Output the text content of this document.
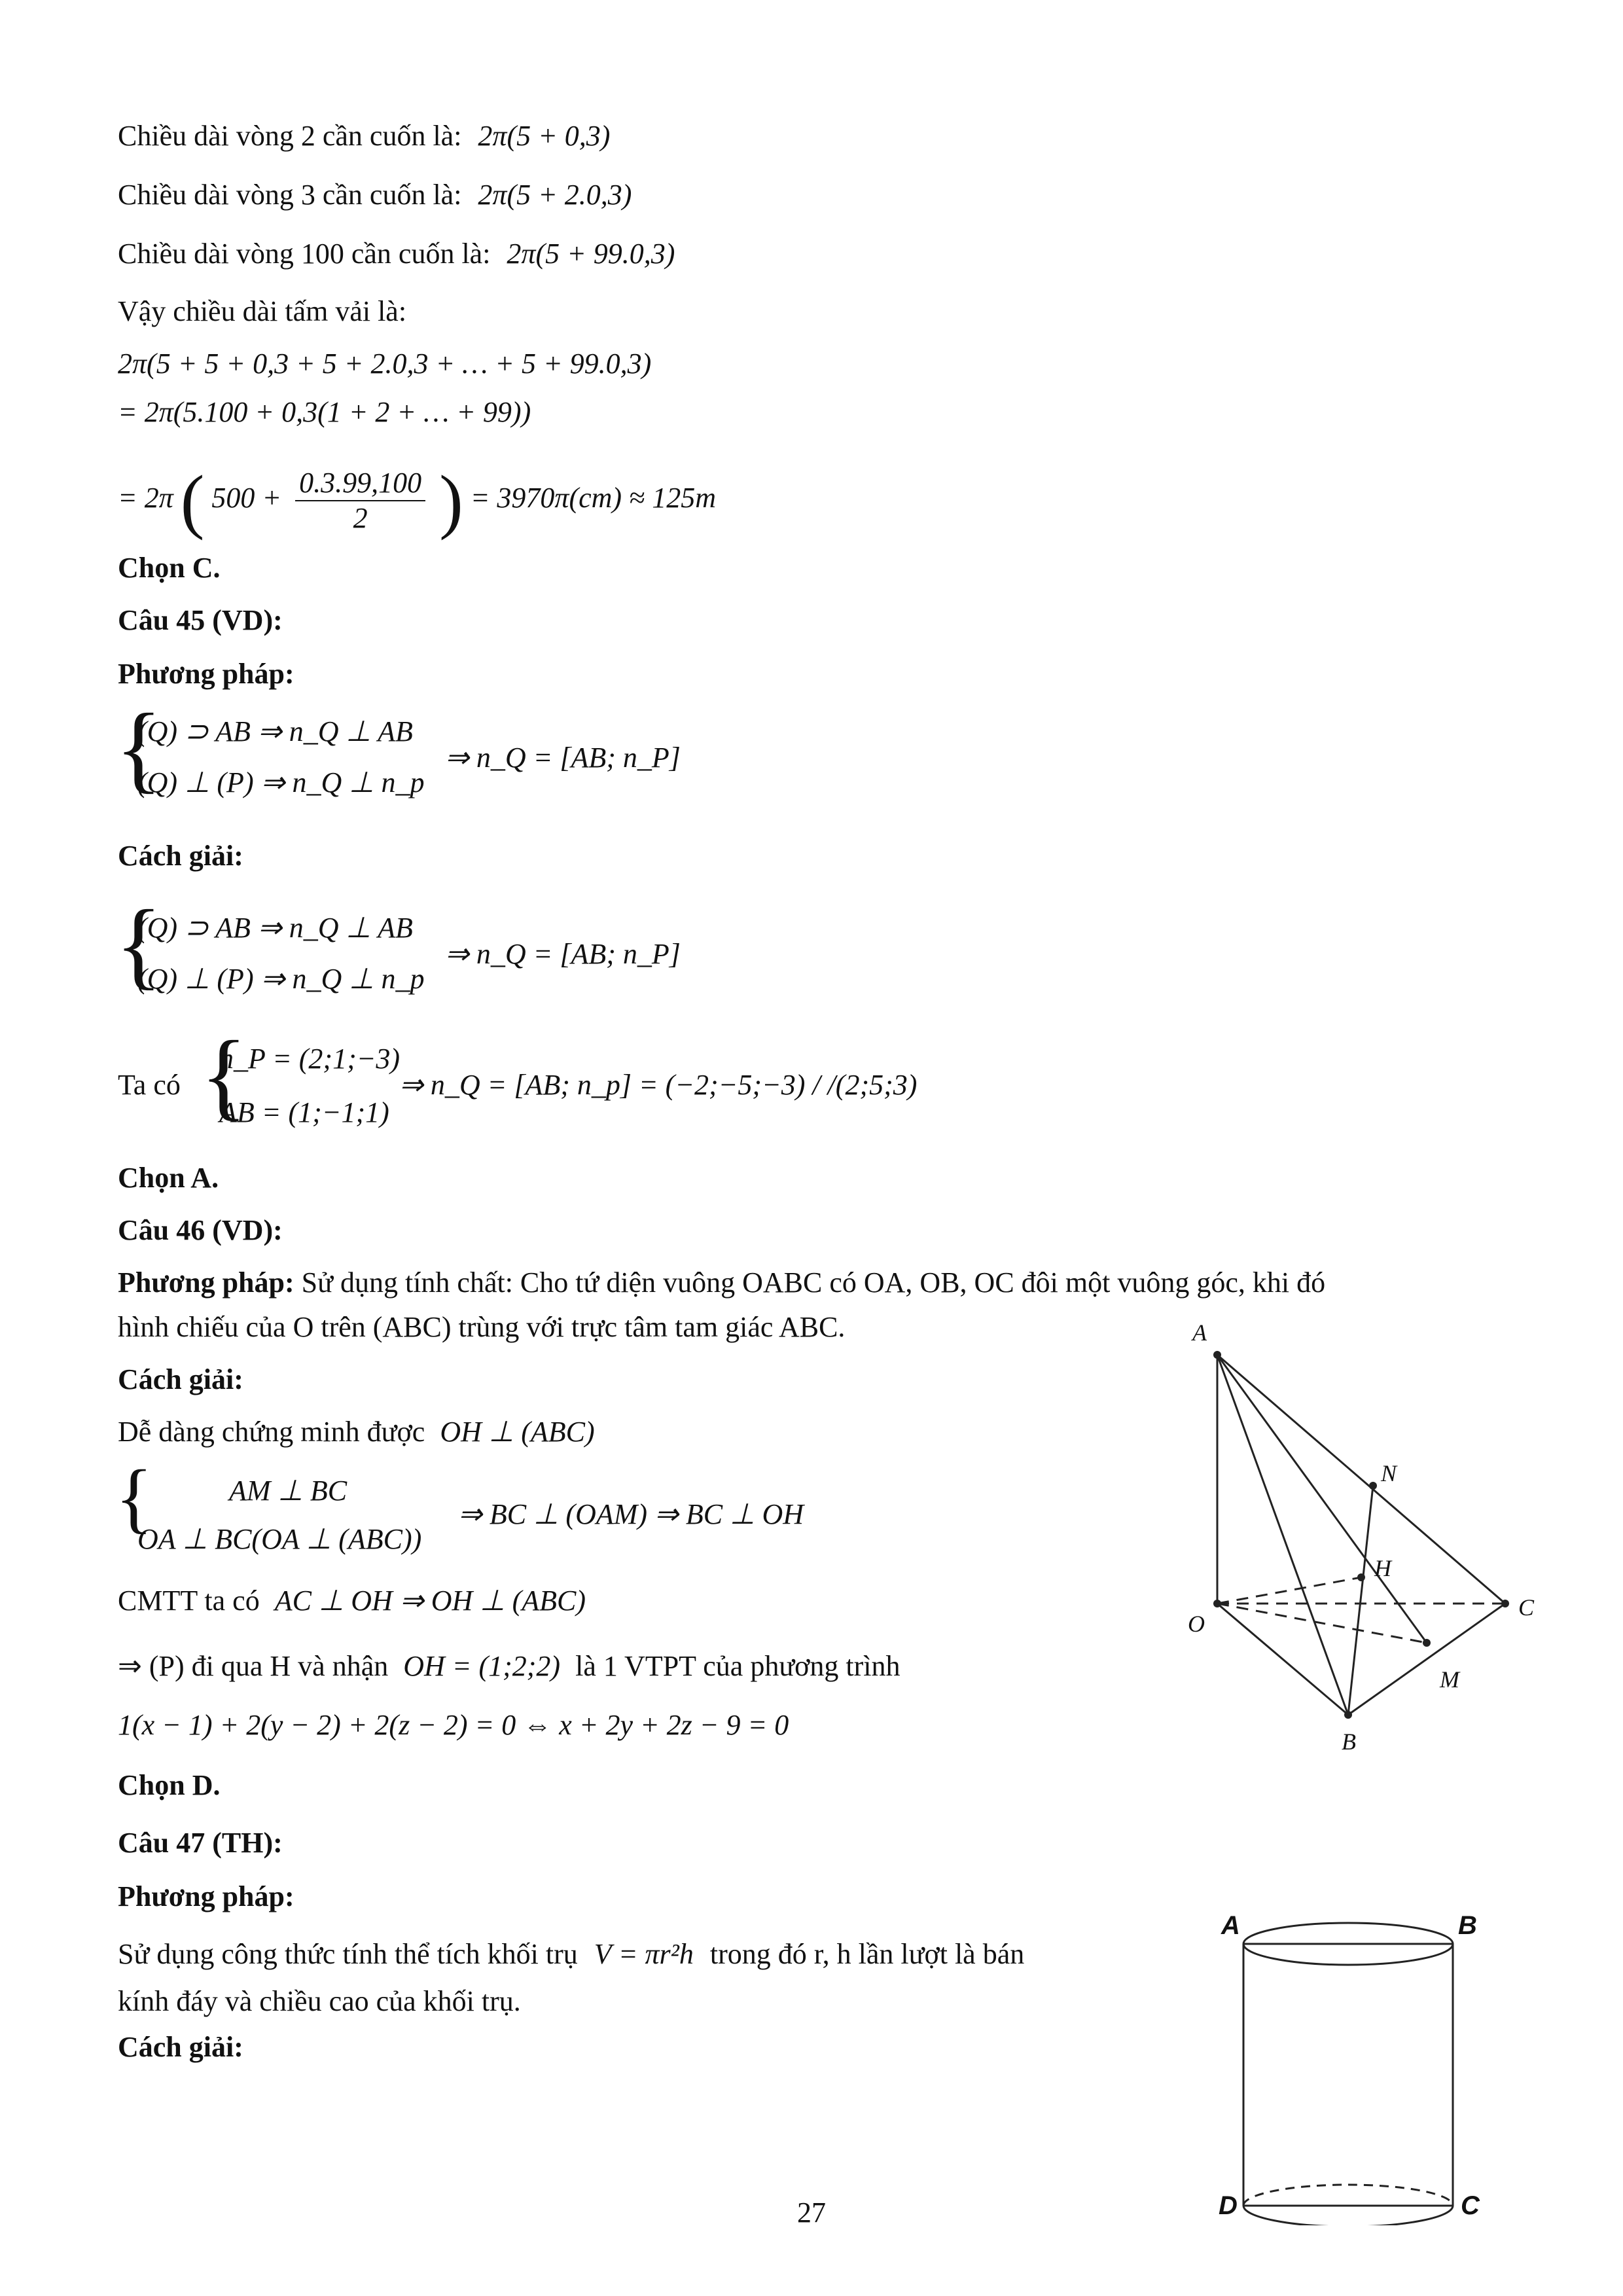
Chiều dài vòng 2 cần cuốn là: 2π(5 + 0,3)
Chiều dài vòng 3 cần cuốn là: 2π(5 + 2.0,3)
Chiều dài vòng 100 cần cuốn là: 2π(5 + 99.0,3)
Vậy chiều dài tấm vải là:
2π(5 + 5 + 0,3 + 5 + 2.0,3 + … + 5 + 99.0,3)
= 2π(5.100 + 0,3(1 + 2 + … + 99))
= 2π ( $500 + \frac{0.3.99,100}{2}$ ) = 3970π(cm) ≈ 125m
Chọn C.
Câu 45 (VD):
Phương pháp:
{
(Q) ⊃ AB ⇒ n_Q ⊥ AB
(Q) ⊥ (P) ⇒ n_Q ⊥ n_p
⇒ n_Q = [AB; n_P]
Cách giải:
{
(Q) ⊃ AB ⇒ n_Q ⊥ AB
(Q) ⊥ (P) ⇒ n_Q ⊥ n_p
⇒ n_Q = [AB; n_P]
Ta có {
n_P = (2;1;−3)
AB = (1;−1;1)
⇒ n_Q = [AB; n_p] = (−2;−5;−3) / /(2;5;3)
Chọn A.
Câu 46 (VD):
Phương pháp: Sử dụng tính chất: Cho tứ diện vuông OABC có OA, OB, OC đôi một vuông góc, khi đó
hình chiếu của O trên (ABC) trùng với trực tâm tam giác ABC.
Cách giải:
Dễ dàng chứng minh được OH ⊥ (ABC)
{	AM ⊥ BC
OA ⊥ BC(OA ⊥ (ABC))
⇒ BC ⊥ (OAM) ⇒ BC ⊥ OH
CMTT ta có AC ⊥ OH ⇒ OH ⊥ (ABC)
⇒ (P) đi qua H và nhận OH = (1;2;2) là 1 VTPT của phương trình
1(x − 1) + 2(y − 2) + 2(z − 2) = 0 ⇔ x + 2y + 2z − 9 = 0
Chọn D.
A
N
H
O
C
M
B
Câu 47 (TH):
Phương pháp:
Sử dụng công thức tính thể tích khối trụ V = πr²h trong đó r, h lần lượt là bán
kính đáy và chiều cao của khối trụ.
Cách giải:
A	B
D	C
27
